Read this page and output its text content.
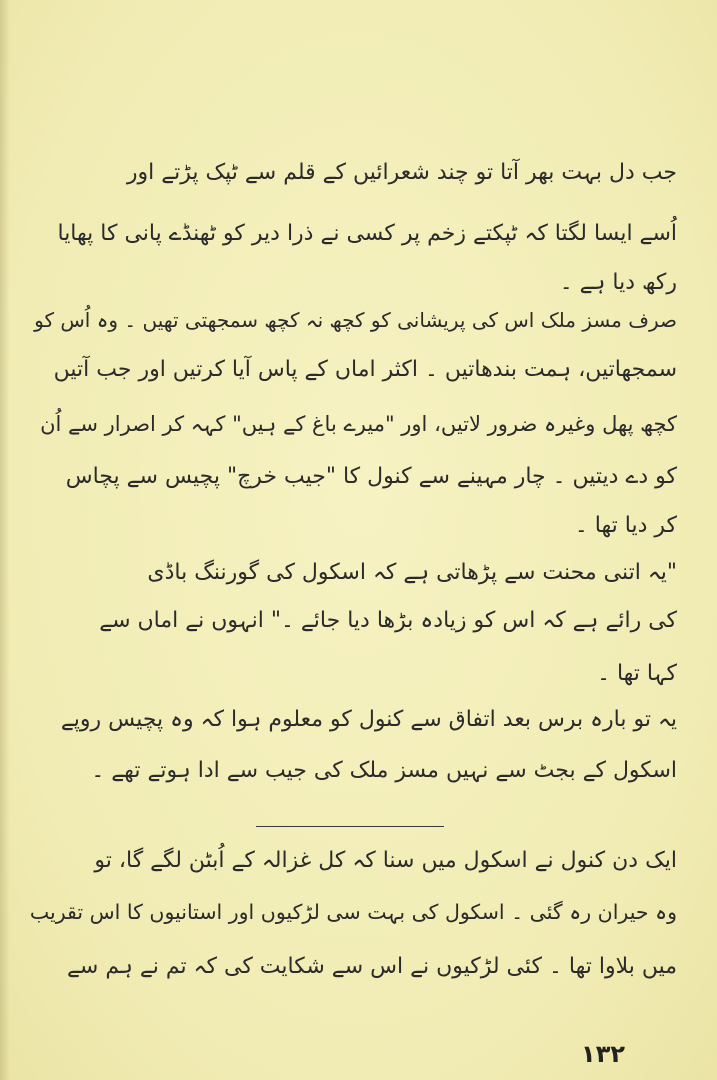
جب دل بہت بھر آتا تو چند شعرائیں کے قلم سے ٹپک پڑتے اور
اُسے ایسا لگتا کہ ٹپکتے زخم پر کسی نے ذرا دیر کو ٹھنڈے پانی کا پھایا
رکھ دیا ہے ۔
صرف مسز ملک اس کی پریشانی کو کچھ نہ کچھ سمجھتی تھیں ۔ وہ اُس کو
سمجھاتیں، ہمت بندھاتیں ۔ اکثر اماں کے پاس آیا کرتیں اور جب آتیں
کچھ پھل وغیرہ ضرور لاتیں، اور "میرے باغ کے ہیں" کہہ کر اصرار سے اُن
کو دے دیتیں ۔ چار مہینے سے کنول کا "جیب خرچ" پچیس سے پچاس
کر دیا تھا ۔
"یہ اتنی محنت سے پڑھاتی ہے کہ اسکول کی گورننگ باڈی
کی رائے ہے کہ اس کو زیادہ بڑھا دیا جائے ۔" انہوں نے اماں سے
کہا تھا ۔
یہ تو بارہ برس بعد اتفاق سے کنول کو معلوم ہوا کہ وہ پچیس روپے
اسکول کے بجٹ سے نہیں مسز ملک کی جیب سے ادا ہوتے تھے ۔
ایک دن کنول نے اسکول میں سنا کہ کل غزالہ کے اُبٹن لگے گا، تو
وہ حیران رہ گئی ۔ اسکول کی بہت سی لڑکیوں اور استانیوں کا اس تقریب
میں بلاوا تھا ۔ کئی لڑکیوں نے اس سے شکایت کی کہ تم نے ہم سے
۱۳۲
